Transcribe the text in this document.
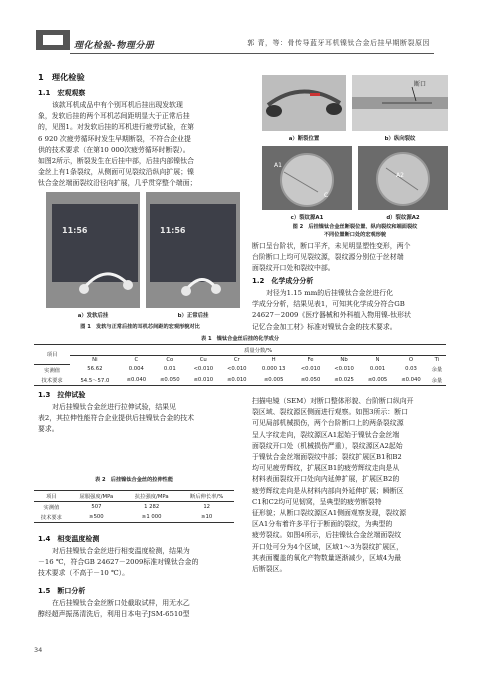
理化检验-物理分册	郭 青，等：骨传导蓝牙耳机镍钛合金后挂早期断裂原因
1　理化检验
1.1　宏观观察
该款耳机成品中有个别耳机后挂出现发软现
象，发软后挂的两个耳机芯间距明显大于正常后挂
的，见图1。对发软后挂的耳机进行疲劳试验，在第
6 920 次疲劳循环时发生早期断裂，不符合企业提
供的技术要求（在第10 000次疲劳循环时断裂）。
如图2所示，断裂发生在后挂中部，后挂内部镍钛合
金丝上有1条裂纹，从侧面可见裂纹沿纵向扩展；镍
钛合金丝端面裂纹沿径向扩展，几乎贯穿整个端面；
11:56	11:56
a）发软后挂	b）正常后挂
图 1　发软与正常后挂的耳机芯间距的宏观形貌对比
断口
a）断裂位置	b）纵向裂纹
A1
C
A2
c）裂纹源A1	d）裂纹源A2
图 2　后挂镍钛合金丝断裂位置、纵向裂纹和端面裂纹
不同位置断口处的宏观形貌
断口呈台阶状，断口平齐，未见明显塑性变形，两个
台阶断口上均可见裂纹源，裂纹源分别位于丝材端
面裂纹开口处和裂纹中部。
1.2　化学成分分析
对径为1.15 mm的后挂镍钛合金丝进行化
学成分分析，结果见表1，可知其化学成分符合GB
24627－2009《医疗器械和外科植入物用镍-钛形状
记忆合金加工材》标准对镍钛合金的技术要求。
表 1　镍钛合金丝后挂的化学成分
项目	质量分数/%										
	Ni	C	Co	Cu	Cr	H	Fe	Nb	N	O	Ti
实测值	56.62	0.004	0.01	<0.010	<0.010	0.000 13	<0.010	<0.010	0.001	0.03	余量
技术要求	54.5～57.0	≤0.040	≤0.050	≤0.010	≤0.010	≤0.005	≤0.050	≤0.025	≤0.005	≤0.040	余量
1.3　拉伸试验
对后挂镍钛合金丝进行拉伸试验，结果见
表2，其拉伸性能符合企业提供后挂镍钛合金的技术
要求。
表 2　后挂镍钛合金丝的拉伸性能
项目	屈服强度/MPa	抗拉强度/MPa	断后伸长率/%
实测值	507	1 282	12
技术要求	≥500	≥1 000	≥10
1.4　相变温度检测
对后挂镍钛合金丝进行相变温度检测，结果为
－16 ℃，符合GB 24627－2009标准对镍钛合金的
技术要求（不高于－10 ℃）。
1.5　断口分析
在后挂镍钛合金丝断口处截取试样，用无水乙
醇经超声振荡清洗后，利用日本电子JSM-6510型
扫描电镜（SEM）对断口整体形貌、台阶断口纵向开
裂区域、裂纹源区侧面进行观察。如图3所示：断口
可见局部机械损伤，两个台阶断口上的两条裂纹源
呈人字纹走向，裂纹源区A1起始于镍钛合金丝端
面裂纹开口处（机械损伤严重），裂纹源区A2起始
于镍钛合金丝端面裂纹中部；裂纹扩展区B1和B2
均可见疲劳辉纹，扩展区B1的疲劳辉纹走向是从
材料表面裂纹开口处向内延伸扩展，扩展区B2的
疲劳辉纹走向是从材料内部向外延伸扩展；瞬断区
C1和C2均可见韧窝，呈典型的疲劳断裂特
征形貌；从断口裂纹源区A1侧面观察发现，裂纹源
区A1分布着许多平行于断面的裂纹，为典型的
疲劳裂纹。如图4所示，后挂镍钛合金丝端面裂纹
开口处可分为4个区域，区域1～3为裂纹扩展区，
其表面覆盖的氧化产物数量逐渐减少，区域4为最
后断裂区。
34
